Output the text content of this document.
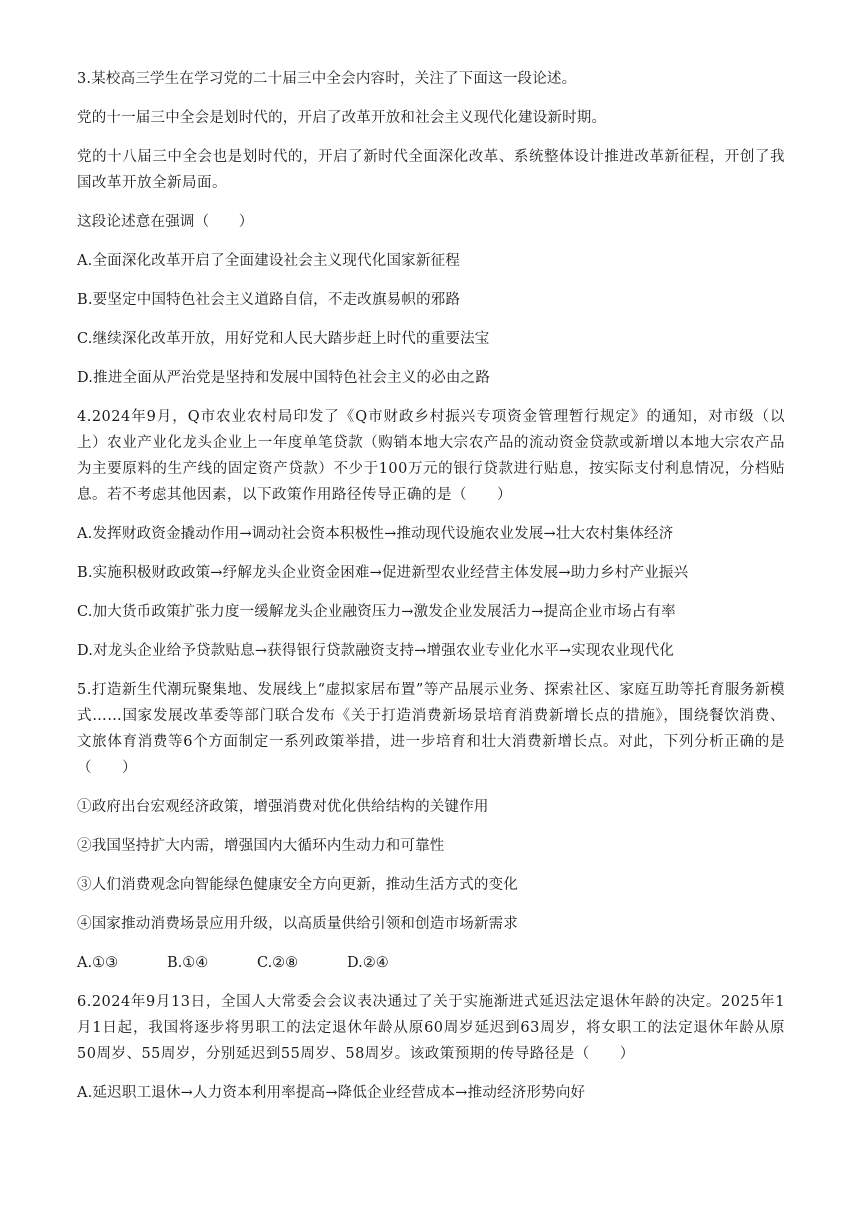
3.某校高三学生在学习党的二十届三中全会内容时，关注了下面这一段论述。
党的十一届三中全会是划时代的，开启了改革开放和社会主义现代化建设新时期。
党的十八届三中全会也是划时代的，开启了新时代全面深化改革、系统整体设计推进改革新征程，开创了我国改革开放全新局面。
这段论述意在强调（　　）
A.全面深化改革开启了全面建设社会主义现代化国家新征程
B.要坚定中国特色社会主义道路自信，不走改旗易帜的邪路
C.继续深化改革开放，用好党和人民大踏步赶上时代的重要法宝
D.推进全面从严治党是坚持和发展中国特色社会主义的必由之路
4.2024年9月，Q市农业农村局印发了《Q市财政乡村振兴专项资金管理暂行规定》的通知，对市级（以上）农业产业化龙头企业上一年度单笔贷款（购销本地大宗农产品的流动资金贷款或新增以本地大宗农产品为主要原料的生产线的固定资产贷款）不少于100万元的银行贷款进行贴息，按实际支付利息情况，分档贴息。若不考虑其他因素，以下政策作用路径传导正确的是（　　）
A.发挥财政资金撬动作用→调动社会资本积极性→推动现代设施农业发展→壮大农村集体经济
B.实施积极财政政策→纾解龙头企业资金困难→促进新型农业经营主体发展→助力乡村产业振兴
C.加大货币政策扩张力度一缓解龙头企业融资压力→激发企业发展活力→提高企业市场占有率
D.对龙头企业给予贷款贴息→获得银行贷款融资支持→增强农业专业化水平→实现农业现代化
5.打造新生代潮玩聚集地、发展线上“虚拟家居布置”等产品展示业务、探索社区、家庭互助等托育服务新模式……国家发展改革委等部门联合发布《关于打造消费新场景培育消费新增长点的措施》，围绕餐饮消费、文旅体育消费等6个方面制定一系列政策举措，进一步培育和壮大消费新增长点。对此，下列分析正确的是（　　）
①政府出台宏观经济政策，增强消费对优化供给结构的关键作用
②我国坚持扩大内需，增强国内大循环内生动力和可靠性
③人们消费观念向智能绿色健康安全方向更新，推动生活方式的变化
④国家推动消费场景应用升级，以高质量供给引领和创造市场新需求
A.①③	B.①④	C.②⑧	D.②④
6.2024年9月13日，全国人大常委会会议表决通过了关于实施渐进式延迟法定退休年龄的决定。2025年1月1日起，我国将逐步将男职工的法定退休年龄从原60周岁延迟到63周岁，将女职工的法定退休年龄从原50周岁、55周岁，分别延迟到55周岁、58周岁。该政策预期的传导路径是（　　）
A.延迟职工退休→人力资本利用率提高→降低企业经营成本→推动经济形势向好
